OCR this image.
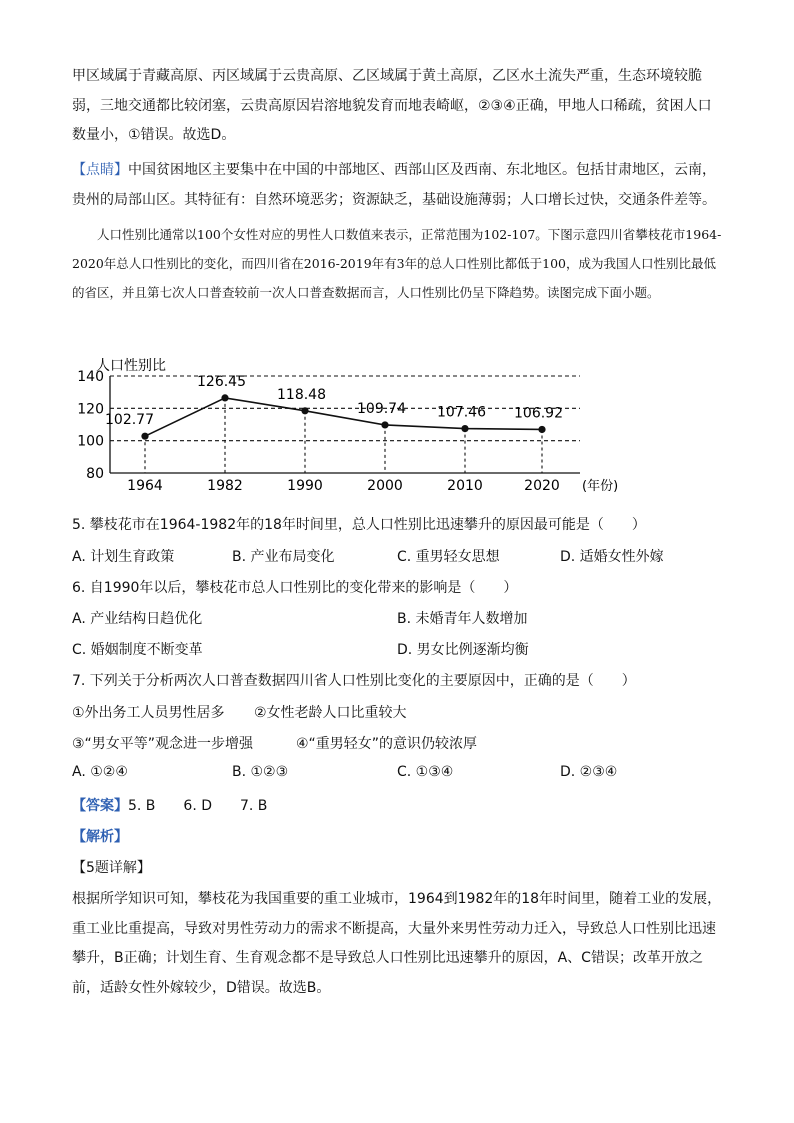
甲区域属于青藏高原、丙区域属于云贵高原、乙区域属于黄土高原，乙区水土流失严重，生态环境较脆弱，三地交通都比较闭塞，云贵高原因岩溶地貌发育而地表崎岖，②③④正确，甲地人口稀疏，贫困人口数量小，①错误。故选D。

【点睛】中国贫困地区主要集中在中国的中部地区、西部山区及西南、东北地区。包括甘肃地区，云南，贵州的局部山区。其特征有：自然环境恶劣；资源缺乏，基础设施薄弱；人口增长过快，交通条件差等。

人口性别比通常以100个女性对应的男性人口数值来表示，正常范围为102-107。下图示意四川省攀枝花市1964-2020年总人口性别比的变化，而四川省在2016-2019年有3年的总人口性别比都低于100，成为我国人口性别比最低的省区，并且第七次人口普查较前一次人口普查数据而言，人口性别比仍呈下降趋势。读图完成下面小题。

人口性别比
140
120
100
80
102.77
126.45
118.48
109.74 107.46 106.92
1964	1982	1990	2000	2010	2020 (年份)

5. 攀枝花市在1964-1982年的18年时间里，总人口性别比迅速攀升的原因最可能是（　　）

A. 计划生育政策	B. 产业布局变化	C. 重男轻女思想	D. 适婚女性外嫁

6. 自1990年以后，攀枝花市总人口性别比的变化带来的影响是（　　）

A. 产业结构日趋优化	B. 未婚青年人数增加
C. 婚姻制度不断变革	D. 男女比例逐渐均衡

7. 下列关于分析两次人口普查数据四川省人口性别比变化的主要原因中，正确的是（　　）

①外出务工人员男性居多 ②女性老龄人口比重较大
③“男女平等”观念进一步增强	④“重男轻女”的意识仍较浓厚
A. ①②④	B. ①②③	C. ①③④	D. ②③④

【答案】5. B　　6. D　　7. B

【解析】

【5题详解】

根据所学知识可知，攀枝花为我国重要的重工业城市，1964到1982年的18年时间里，随着工业的发展，重工业比重提高，导致对男性劳动力的需求不断提高，大量外来男性劳动力迁入，导致总人口性别比迅速攀升，B正确；计划生育、生育观念都不是导致总人口性别比迅速攀升的原因，A、C错误；改革开放之前，适龄女性外嫁较少，D错误。故选B。
